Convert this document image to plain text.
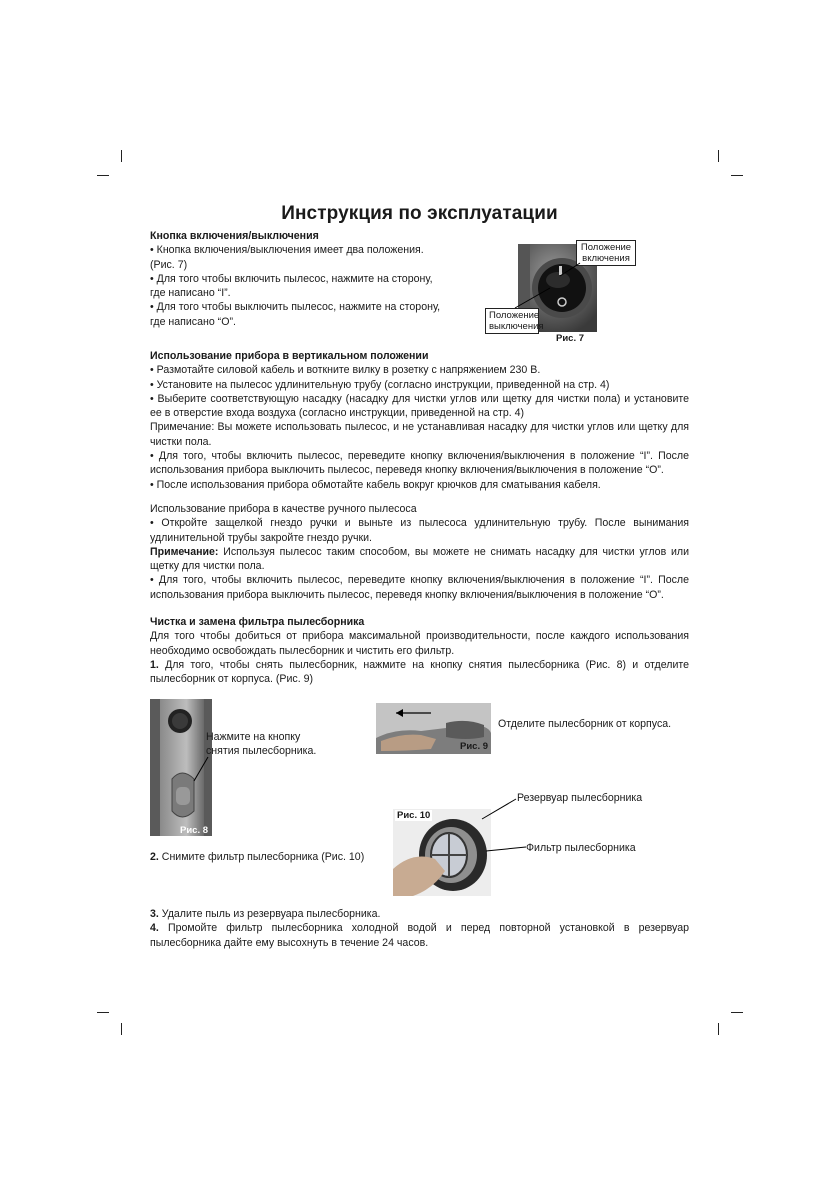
Инструкция по эксплуатации

Кнопка включения/выключения

• Кнопка включения/выключения имеет два положения.

(Рис. 7)

• Для того чтобы включить пылесос, нажмите на сторону,

где написано “I”.

• Для того чтобы выключить пылесос, нажмите на сторону,

где написано “O”.

Положение
включения
Положение
выключения
Рис. 7

Использование прибора в вертикальном положении

• Размотайте силовой кабель и воткните вилку в розетку с напряжением 230 В.

• Установите на пылесос удлинительную трубу (согласно инструкции, приведенной на стр. 4)

• Выберите соответствующую насадку (насадку для чистки углов или щетку для чистки пола) и установите ее в отверстие входа воздуха (согласно инструкции, приведенной на стр. 4)

Примечание: Вы можете использовать пылесос, и не устанавливая насадку для чистки углов или щетку для чистки пола.

• Для того, чтобы включить пылесос, переведите кнопку включения/выключения в положение “I”. После использования прибора выключить пылесос, переведя кнопку включения/выключения в положение “O”.

• После использования прибора обмотайте кабель вокруг крючков для сматывания кабеля.

Использование прибора в качестве ручного пылесоса

• Откройте защелкой гнездо ручки и выньте из пылесоса удлинительную трубу. После вынимания удлинительной трубы закройте гнездо ручки.

Примечание: Используя пылесос таким способом, вы можете не снимать насадку для чистки углов или щетку для чистки пола.

• Для того, чтобы включить пылесос, переведите кнопку включения/выключения в положение “I”. После использования прибора выключить пылесос, переведя кнопку включения/выключения в положение “O”.

Чистка и замена фильтра пылесборника

Для того чтобы добиться от прибора максимальной производительности, после каждого использования необходимо освобождать пылесборник и чистить его фильтр.

1. Для того, чтобы снять пылесборник, нажмите на кнопку снятия пылесборника (Рис. 8) и отделите пылесборник от корпуса. (Рис. 9)

Рис. 8
Нажмите на кнопку
снятия пылесборника.	Рис. 9
Отделите пылесборник от корпуса.
Рис. 10
Резервуар пылесборника
Фильтр пылесборника

2. Снимите фильтр пылесборника (Рис. 10)

3. Удалите пыль из резервуара пылесборника.

4. Промойте фильтр пылесборника холодной водой и перед повторной установкой в резервуар пылесборника дайте ему высохнуть в течение 24 часов.
